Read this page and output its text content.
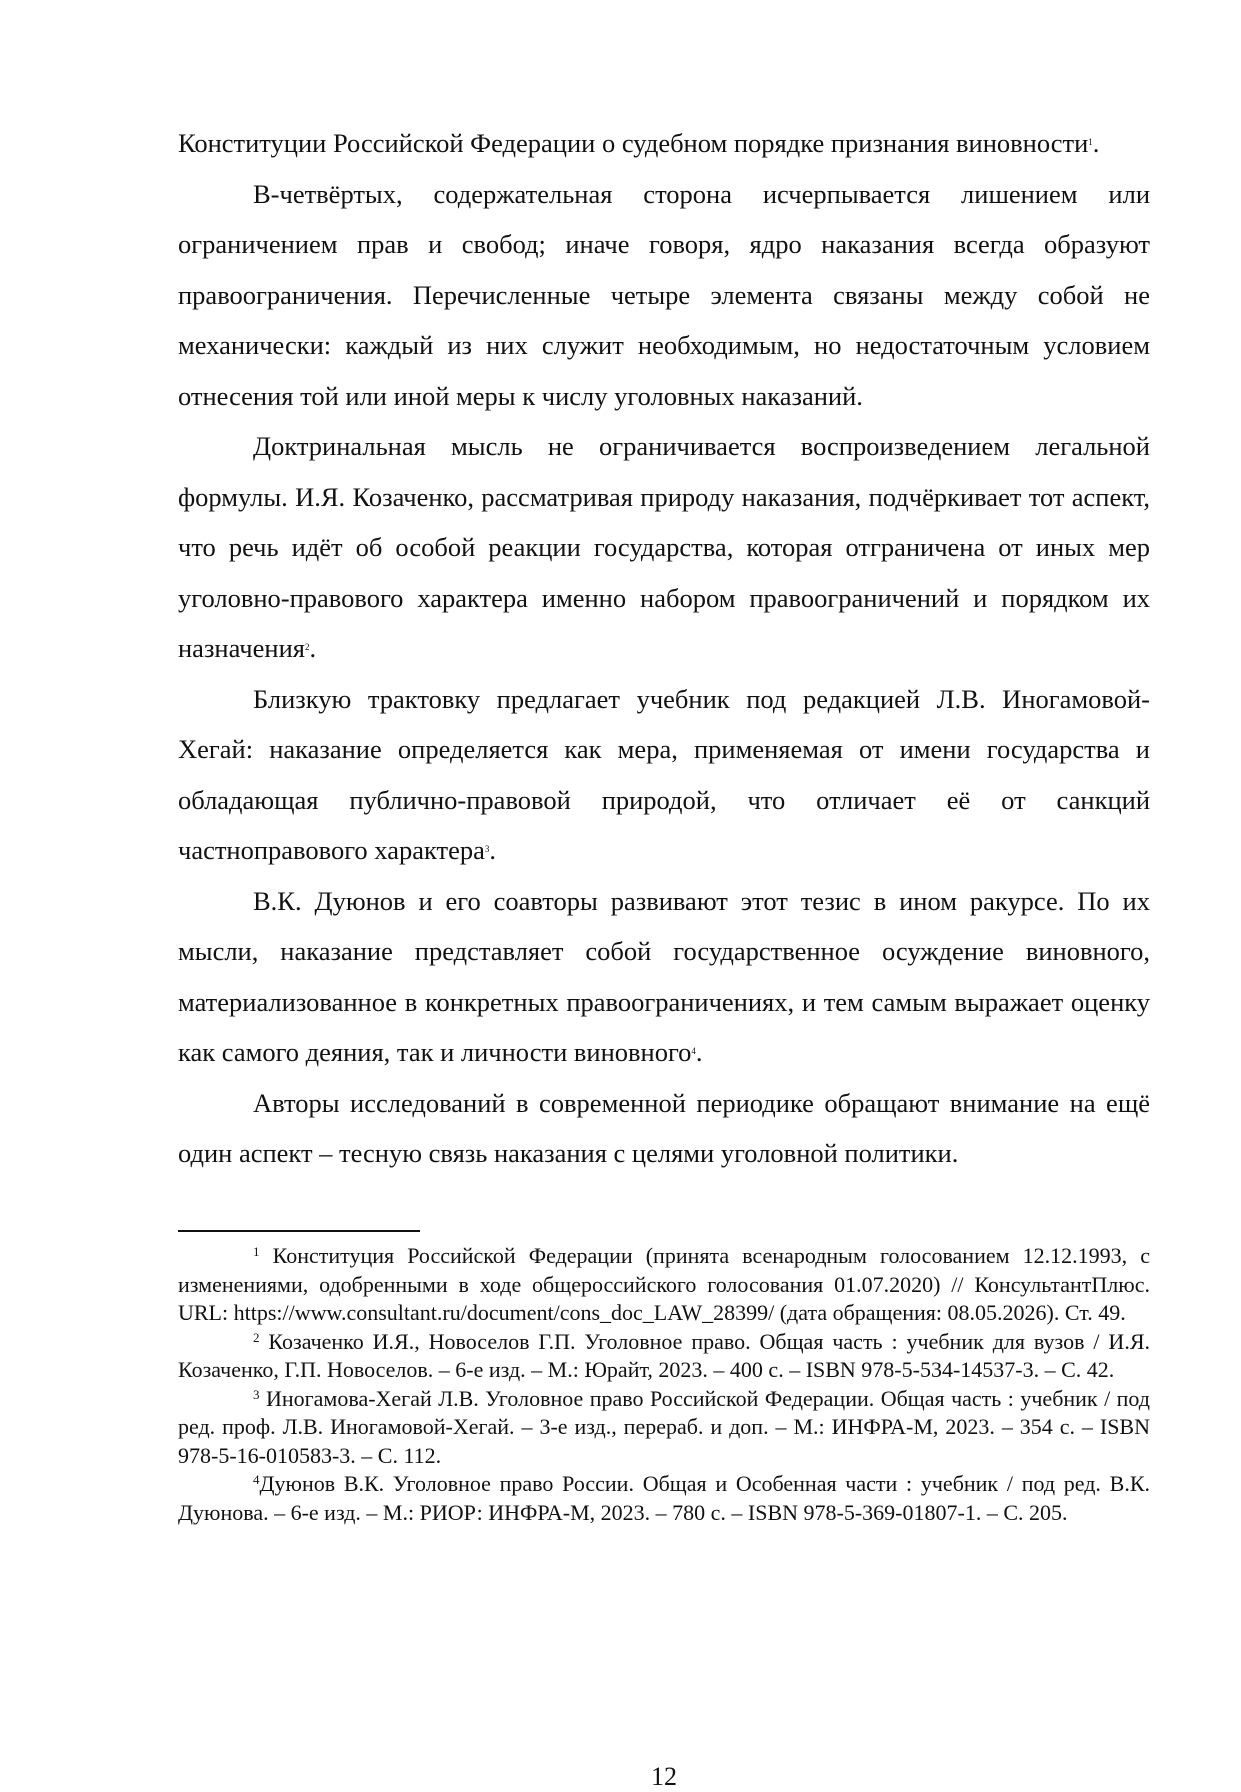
Конституции Российской Федерации о судебном порядке признания виновности$^1$.

В-четвёртых, содержательная сторона исчерпывается лишением или ограничением прав и свобод; иначе говоря, ядро наказания всегда образуют правоограничения. Перечисленные четыре элемента связаны между собой не механически: каждый из них служит необходимым, но недостаточным условием отнесения той или иной меры к числу уголовных наказаний.

Доктринальная мысль не ограничивается воспроизведением легальной формулы. И.Я. Козаченко, рассматривая природу наказания, подчёркивает тот аспект, что речь идёт об особой реакции государства, которая отграничена от иных мер уголовно-правового характера именно набором правоограничений и порядком их назначения$^2$.

Близкую трактовку предлагает учебник под редакцией Л.В. Иногамовой-Хегай: наказание определяется как мера, применяемая от имени государства и обладающая публично-правовой природой, что отличает её от санкций частноправового характера$^3$.

В.К. Дуюнов и его соавторы развивают этот тезис в ином ракурсе. По их мысли, наказание представляет собой государственное осуждение виновного, материализованное в конкретных правоограничениях, и тем самым выражает оценку как самого деяния, так и личности виновного$^4$.

Авторы исследований в современной периодике обращают внимание на ещё один аспект – тесную связь наказания с целями уголовной политики.

$^1$ Конституция Российской Федерации (принята всенародным голосованием 12.12.1993, с изменениями, одобренными в ходе общероссийского голосования 01.07.2020) // КонсультантПлюс. URL: https://www.consultant.ru/document/cons_doc_LAW_28399/ (дата обращения: 08.05.2026). Ст. 49.

$^2$ Козаченко И.Я., Новоселов Г.П. Уголовное право. Общая часть : учебник для вузов / И.Я. Козаченко, Г.П. Новоселов. – 6-е изд. – М.: Юрайт, 2023. – 400 с. – ISBN 978-5-534-14537-3. – С. 42.

$^3$ Иногамова-Хегай Л.В. Уголовное право Российской Федерации. Общая часть : учебник / под ред. проф. Л.В. Иногамовой-Хегай. – 3-е изд., перераб. и доп. – М.: ИНФРА-М, 2023. – 354 с. – ISBN 978-5-16-010583-3. – С. 112.

$^4$Дуюнов В.К. Уголовное право России. Общая и Особенная части : учебник / под ред. В.К. Дуюнова. – 6-е изд. – М.: РИОР: ИНФРА-М, 2023. – 780 с. – ISBN 978-5-369-01807-1. – С. 205.

12
